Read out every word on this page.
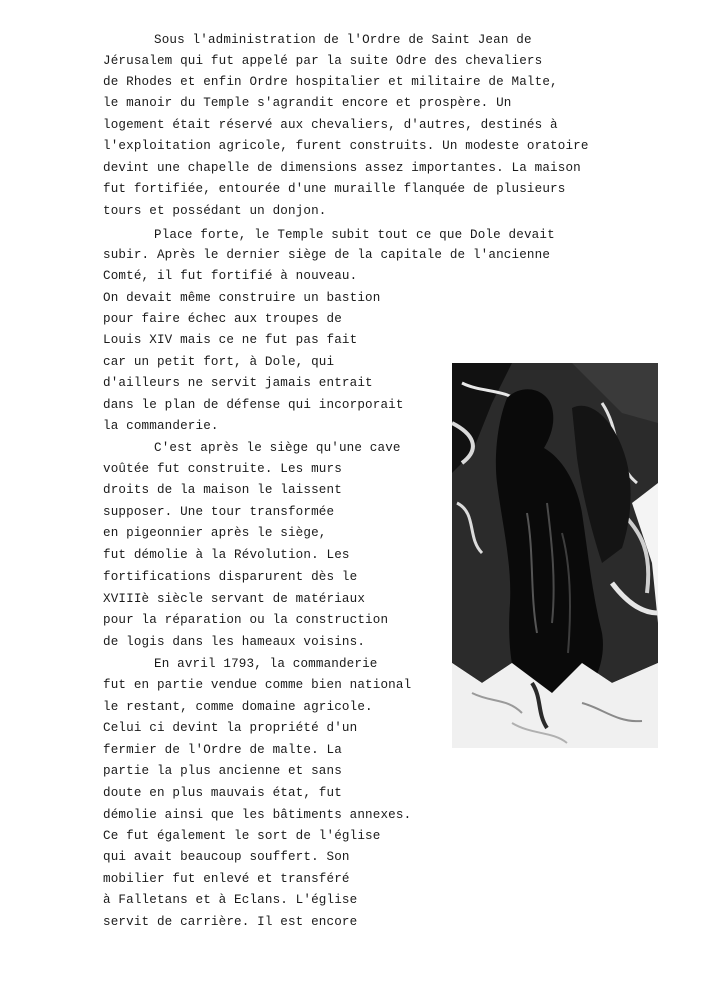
Sous l'administration de l'Ordre de Saint Jean de
Jérusalem qui fut appelé par la suite Odre des chevaliers
de Rhodes et enfin Ordre hospitalier et militaire de Malte,
le manoir du Temple s'agrandit encore et prospère. Un
logement était réservé aux chevaliers, d'autres, destinés à
l'exploitation agricole, furent construits. Un modeste oratoire
devint une chapelle de dimensions assez importantes. La maison
fut fortifiée, entourée d'une muraille flanquée de plusieurs
tours et possédant un donjon.
Place forte, le Temple subit tout ce que Dole devait
subir. Après le dernier siège de la capitale de l'ancienne
Comté, il fut fortifié à nouveau.
On devait même construire un bastion
pour faire échec aux troupes de
Louis XIV mais ce ne fut pas fait
car un petit fort, à Dole, qui
d'ailleurs ne servit jamais entrait
dans le plan de défense qui incorporait
la commanderie.
C'est après le siège qu'une cave
voûtée fut construite. Les murs
droits de la maison le laissent
supposer. Une tour transformée
en pigeonnier après le siège,
fut démolie à la Révolution. Les
fortifications disparurent dès le
XVIIIè siècle servant de matériaux
pour la réparation ou la construction
de logis dans les hameaux voisins.
En avril 1793, la commanderie
fut en partie vendue comme bien national
le restant, comme domaine agricole.
Celui ci devint la propriété d'un
fermier de l'Ordre de malte. La
partie la plus ancienne et sans
doute en plus mauvais état, fut
démolie ainsi que les bâtiments annexes.
Ce fut également le sort de l'église
qui avait beaucoup souffert. Son
mobilier fut enlevé et transféré
à Falletans et à Eclans. L'église
servit de carrière. Il est encore
